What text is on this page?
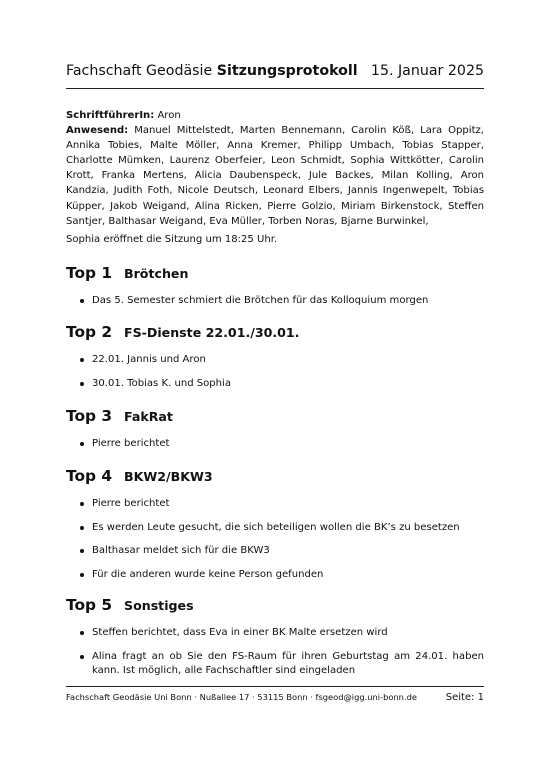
Fachschaft Geodäsie Sitzungsprotokoll 15. Januar 2025

SchriftführerIn: Aron

Anwesend: Manuel Mittelstedt, Marten Bennemann, Carolin Köß, Lara Oppitz, Annika Tobies, Malte Möller, Anna Kremer, Philipp Umbach, Tobias Stapper, Charlotte Mümken, Laurenz Oberfeier, Leon Schmidt, Sophia Wittkötter, Carolin Krott, Franka Mertens, Alicia Daubenspeck, Jule Backes, Milan Kolling, Aron Kandzia, Judith Foth, Nicole Deutsch, Leonard Elbers, Jannis Ingenwepelt, Tobias Küpper, Jakob Weigand, Alina Ricken, Pierre Golzio, Miriam Birkenstock, Steffen Santjer, Balthasar Weigand, Eva Müller, Torben Noras, Bjarne Burwinkel,

Sophia eröffnet die Sitzung um 18:25 Uhr.
Top 1 Brötchen
Das 5. Semester schmiert die Brötchen für das Kolloquium morgen
Top 2 FS-Dienste 22.01./30.01.
22.01. Jannis und Aron
30.01. Tobias K. und Sophia
Top 3 FakRat
Pierre berichtet
Top 4 BKW2/BKW3
Pierre berichtet
Es werden Leute gesucht, die sich beteiligen wollen die BK’s zu besetzen
Balthasar meldet sich für die BKW3
Für die anderen wurde keine Person gefunden
Top 5 Sonstiges
Steffen berichtet, dass Eva in einer BK Malte ersetzen wird
Alina fragt an ob Sie den FS-Raum für ihren Geburtstag am 24.01. haben kann. Ist möglich, alle Fachschaftler sind eingeladen
Fachschaft Geodäsie Uni Bonn · Nußallee 17 · 53115 Bonn · fsgeod@igg.uni-bonn.de	Seite: 1
